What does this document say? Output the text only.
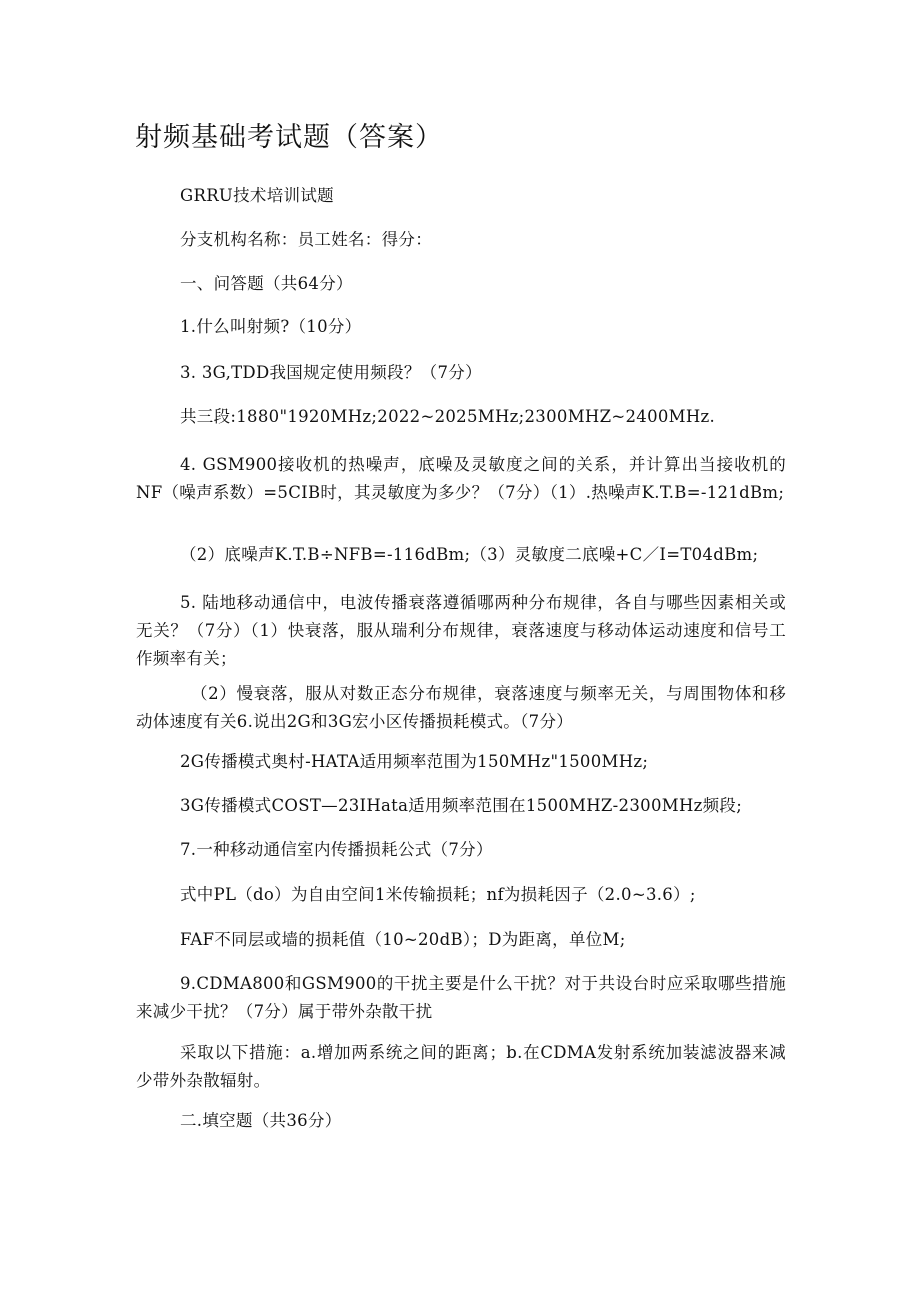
射频基础考试题（答案）

GRRU技术培训试题

分支机构名称：员工姓名：得分：

一、问答题（共64分）

1.什么叫射频?（10分）

3. 3G,TDD我国规定使用频段？（7分）

共三段:1880"1920MHz;2022~2025MHz;2300MHZ~2400MHz.

4. GSM900接收机的热噪声，底噪及灵敏度之间的关系，并计算出当接收机的NF（噪声系数）=5CIB时，其灵敏度为多少？（7分）（1）.热噪声K.T.B=-121dBm;

（2）底噪声K.T.B÷NFB=-116dBm;（3）灵敏度二底噪+C／I=T04dBm;

5. 陆地移动通信中，电波传播衰落遵循哪两种分布规律，各自与哪些因素相关或无关？（7分）（1）快衰落，服从瑞利分布规律，衰落速度与移动体运动速度和信号工作频率有关；

（2）慢衰落，服从对数正态分布规律，衰落速度与频率无关，与周围物体和移动体速度有关6.说出2G和3G宏小区传播损耗模式。（7分）

2G传播模式奥村-HATA适用频率范围为150MHz"1500MHz;

3G传播模式COST—23IHata适用频率范围在1500MHZ-2300MHz频段;

7.一种移动通信室内传播损耗公式（7分）

式中PL（do）为自由空间1米传输损耗；nf为损耗因子（2.0~3.6）;

FAF不同层或墙的损耗值（10~20dB）；D为距离，单位M;

9.CDMA800和GSM900的干扰主要是什么干扰？对于共设台时应采取哪些措施来减少干扰？（7分）属于带外杂散干扰

采取以下措施：a.增加两系统之间的距离；b.在CDMA发射系统加装滤波器来减少带外杂散辐射。

二.填空题（共36分）
